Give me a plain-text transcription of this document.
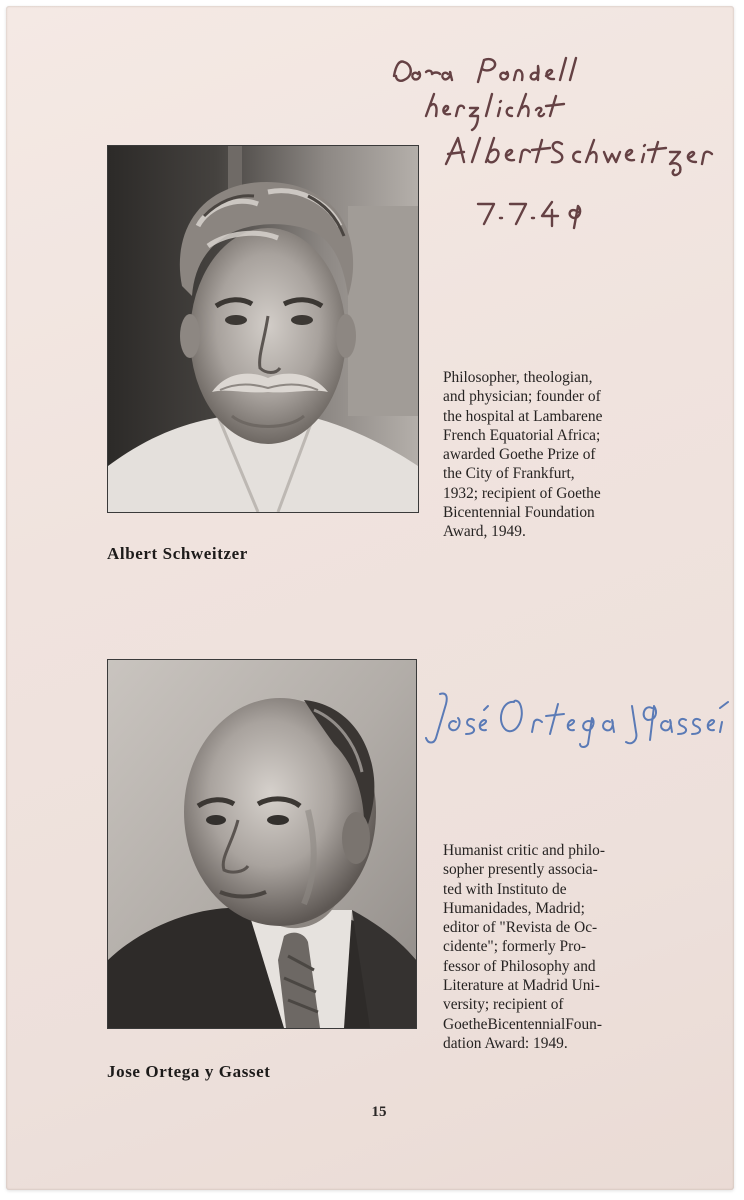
Albert Schweitzer

Philosopher, theologian,
and physician; founder of
the hospital at Lambarene
French Equatorial Africa;
awarded Goethe Prize of
the City of Frankfurt,
1932; recipient of Goethe
Bicentennial Foundation
Award, 1949.

Jose Ortega y Gasset

Humanist critic and philo-
sopher presently associa-
ted with Instituto de
Humanidades, Madrid;
editor of "Revista de Oc-
cidente"; formerly Pro-
fessor of Philosophy and
Literature at Madrid Uni-
versity; recipient of
GoetheBicentennialFoun-
dation Award: 1949.

15
